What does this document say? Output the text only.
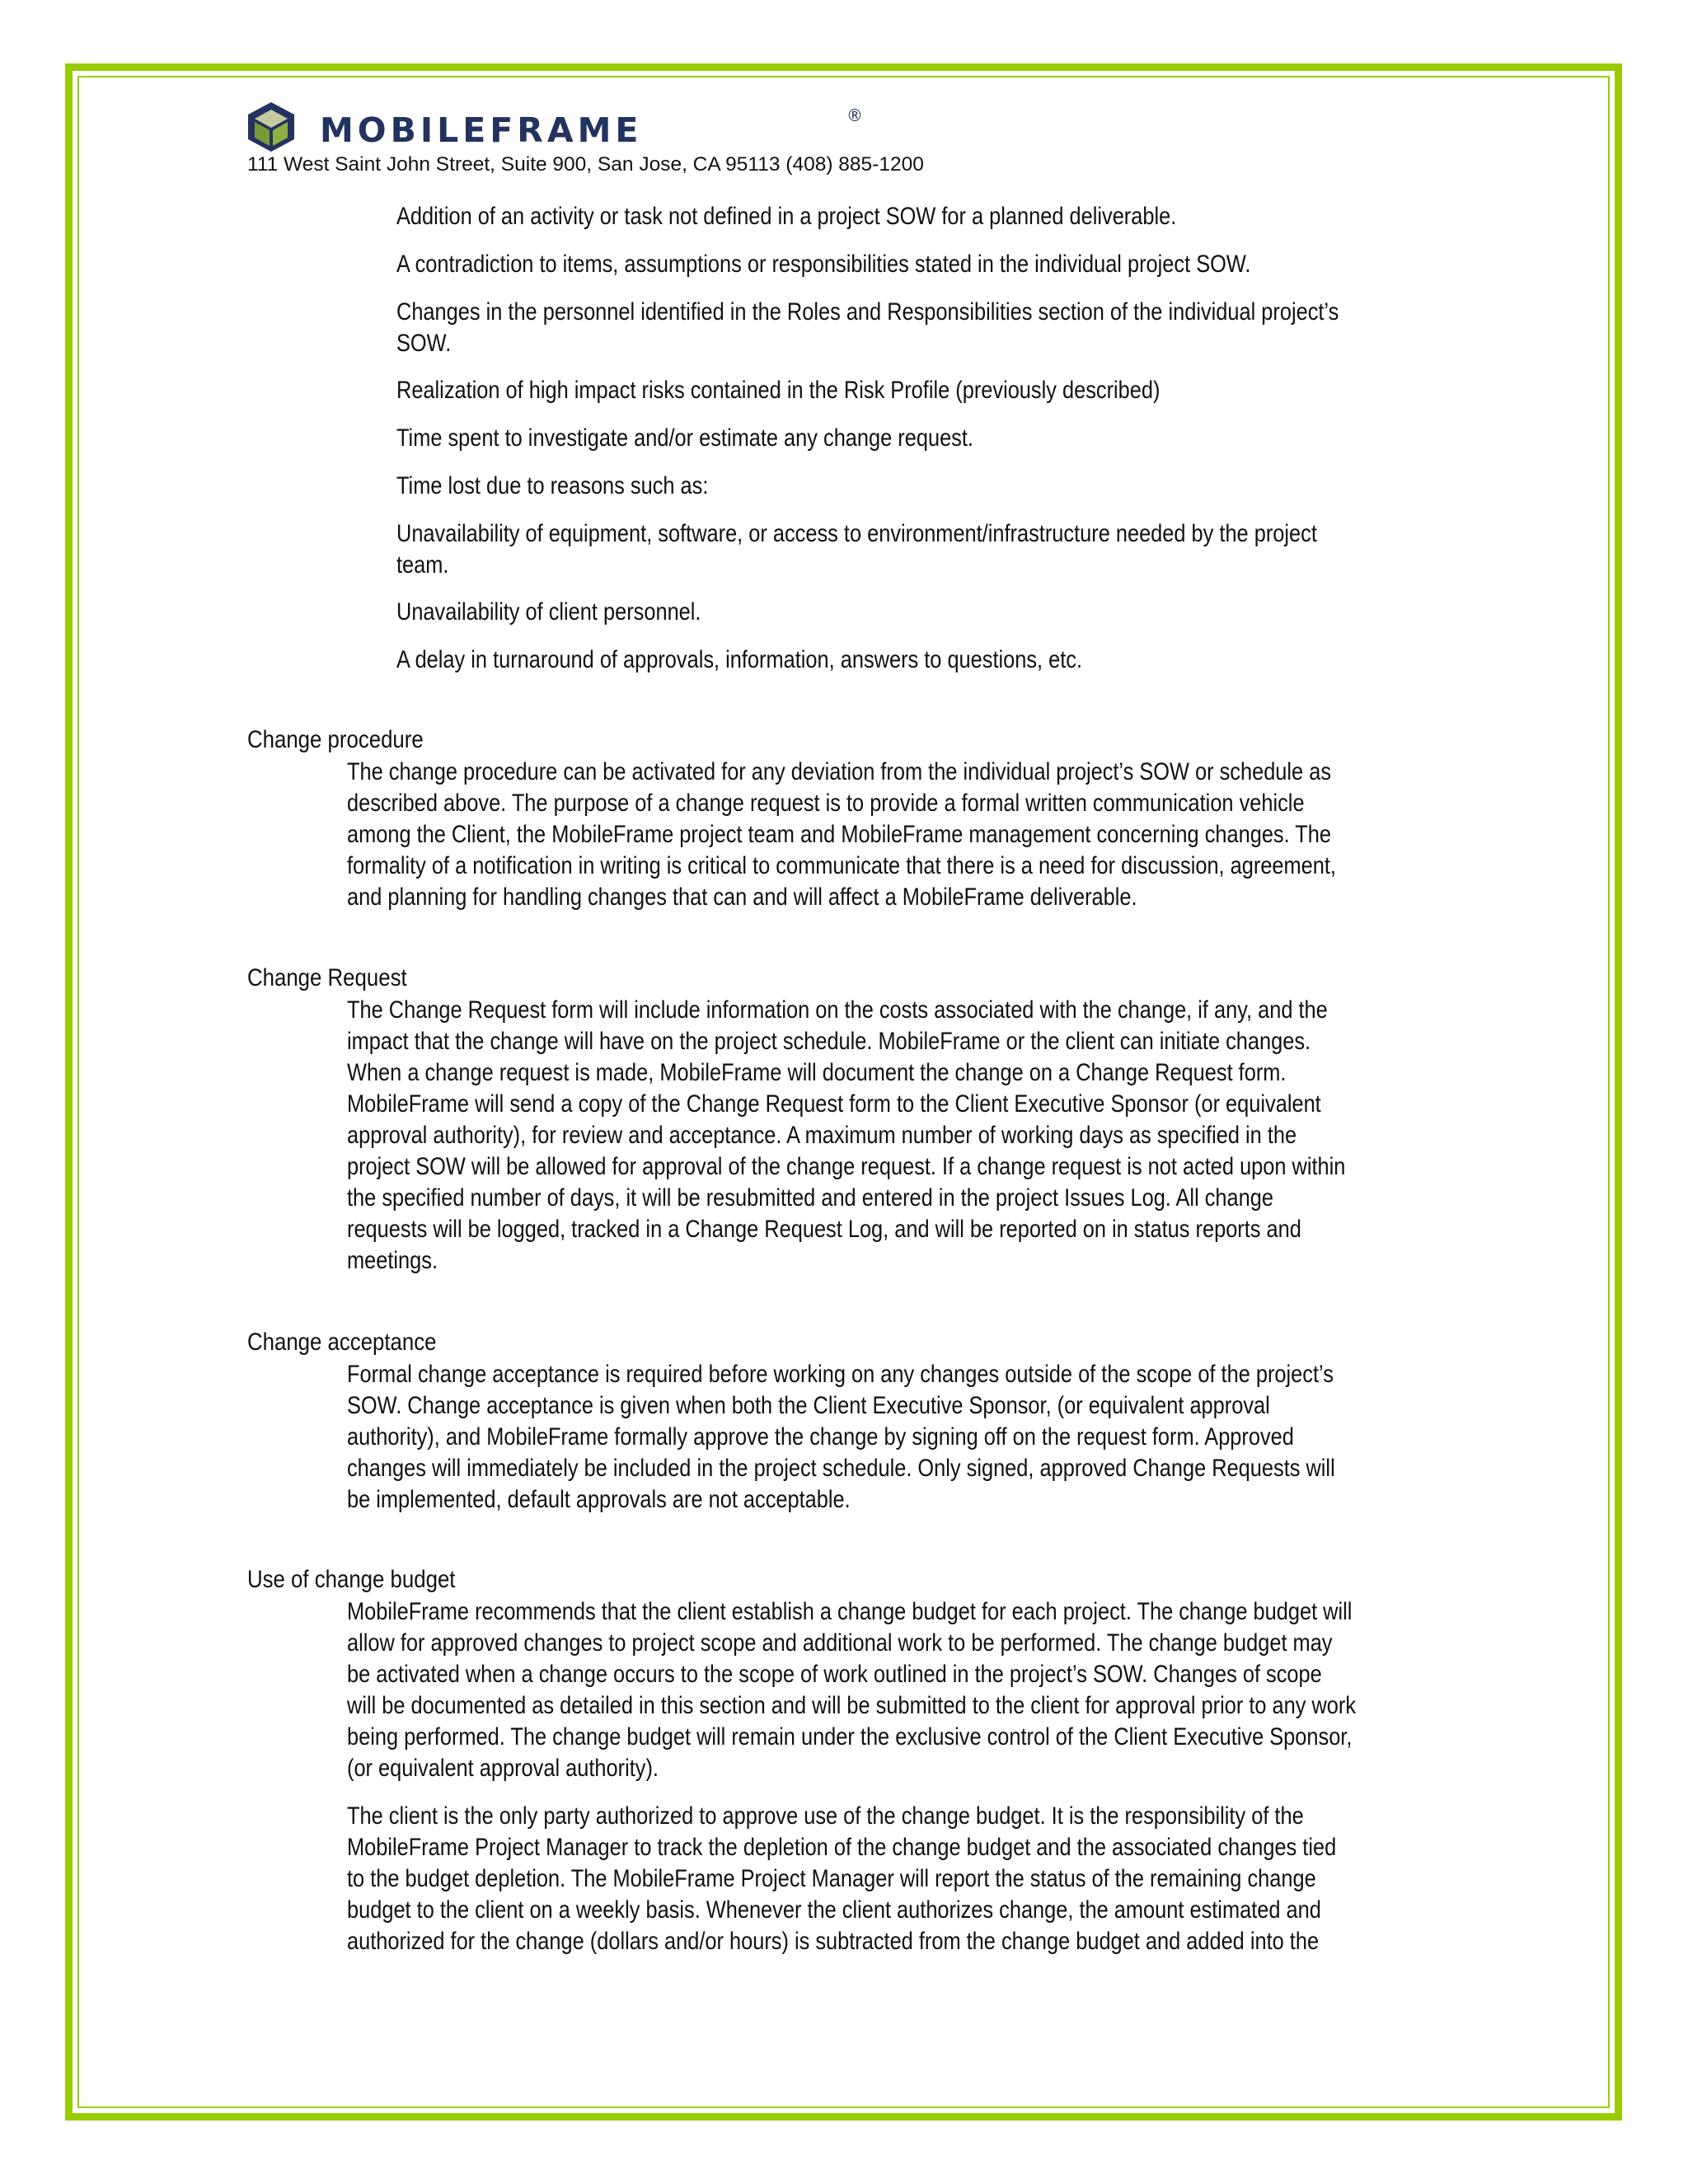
MOBILEFRAME	®
111 West Saint John Street, Suite 900, San Jose, CA 95113 (408) 885-1200
Addition of an activity or task not defined in a project SOW for a planned deliverable.
A contradiction to items, assumptions or responsibilities stated in the individual project SOW.
Changes in the personnel identified in the Roles and Responsibilities section of the individual project’s
SOW.
Realization of high impact risks contained in the Risk Profile (previously described)
Time spent to investigate and/or estimate any change request.
Time lost due to reasons such as:
Unavailability of equipment, software, or access to environment/infrastructure needed by the project
team.
Unavailability of client personnel.
A delay in turnaround of approvals, information, answers to questions, etc.
Change procedure
The change procedure can be activated for any deviation from the individual project’s SOW or schedule as
described above. The purpose of a change request is to provide a formal written communication vehicle
among the Client, the MobileFrame project team and MobileFrame management concerning changes. The
formality of a notification in writing is critical to communicate that there is a need for discussion, agreement,
and planning for handling changes that can and will affect a MobileFrame deliverable.
Change Request
The Change Request form will include information on the costs associated with the change, if any, and the
impact that the change will have on the project schedule. MobileFrame or the client can initiate changes.
When a change request is made, MobileFrame will document the change on a Change Request form.
MobileFrame will send a copy of the Change Request form to the Client Executive Sponsor (or equivalent
approval authority), for review and acceptance. A maximum number of working days as specified in the
project SOW will be allowed for approval of the change request. If a change request is not acted upon within
the specified number of days, it will be resubmitted and entered in the project Issues Log. All change
requests will be logged, tracked in a Change Request Log, and will be reported on in status reports and
meetings.
Change acceptance
Formal change acceptance is required before working on any changes outside of the scope of the project’s
SOW. Change acceptance is given when both the Client Executive Sponsor, (or equivalent approval
authority), and MobileFrame formally approve the change by signing off on the request form. Approved
changes will immediately be included in the project schedule. Only signed, approved Change Requests will
be implemented, default approvals are not acceptable.
Use of change budget
MobileFrame recommends that the client establish a change budget for each project. The change budget will
allow for approved changes to project scope and additional work to be performed. The change budget may
be activated when a change occurs to the scope of work outlined in the project’s SOW. Changes of scope
will be documented as detailed in this section and will be submitted to the client for approval prior to any work
being performed. The change budget will remain under the exclusive control of the Client Executive Sponsor,
(or equivalent approval authority).
The client is the only party authorized to approve use of the change budget. It is the responsibility of the
MobileFrame Project Manager to track the depletion of the change budget and the associated changes tied
to the budget depletion. The MobileFrame Project Manager will report the status of the remaining change
budget to the client on a weekly basis. Whenever the client authorizes change, the amount estimated and
authorized for the change (dollars and/or hours) is subtracted from the change budget and added into the
